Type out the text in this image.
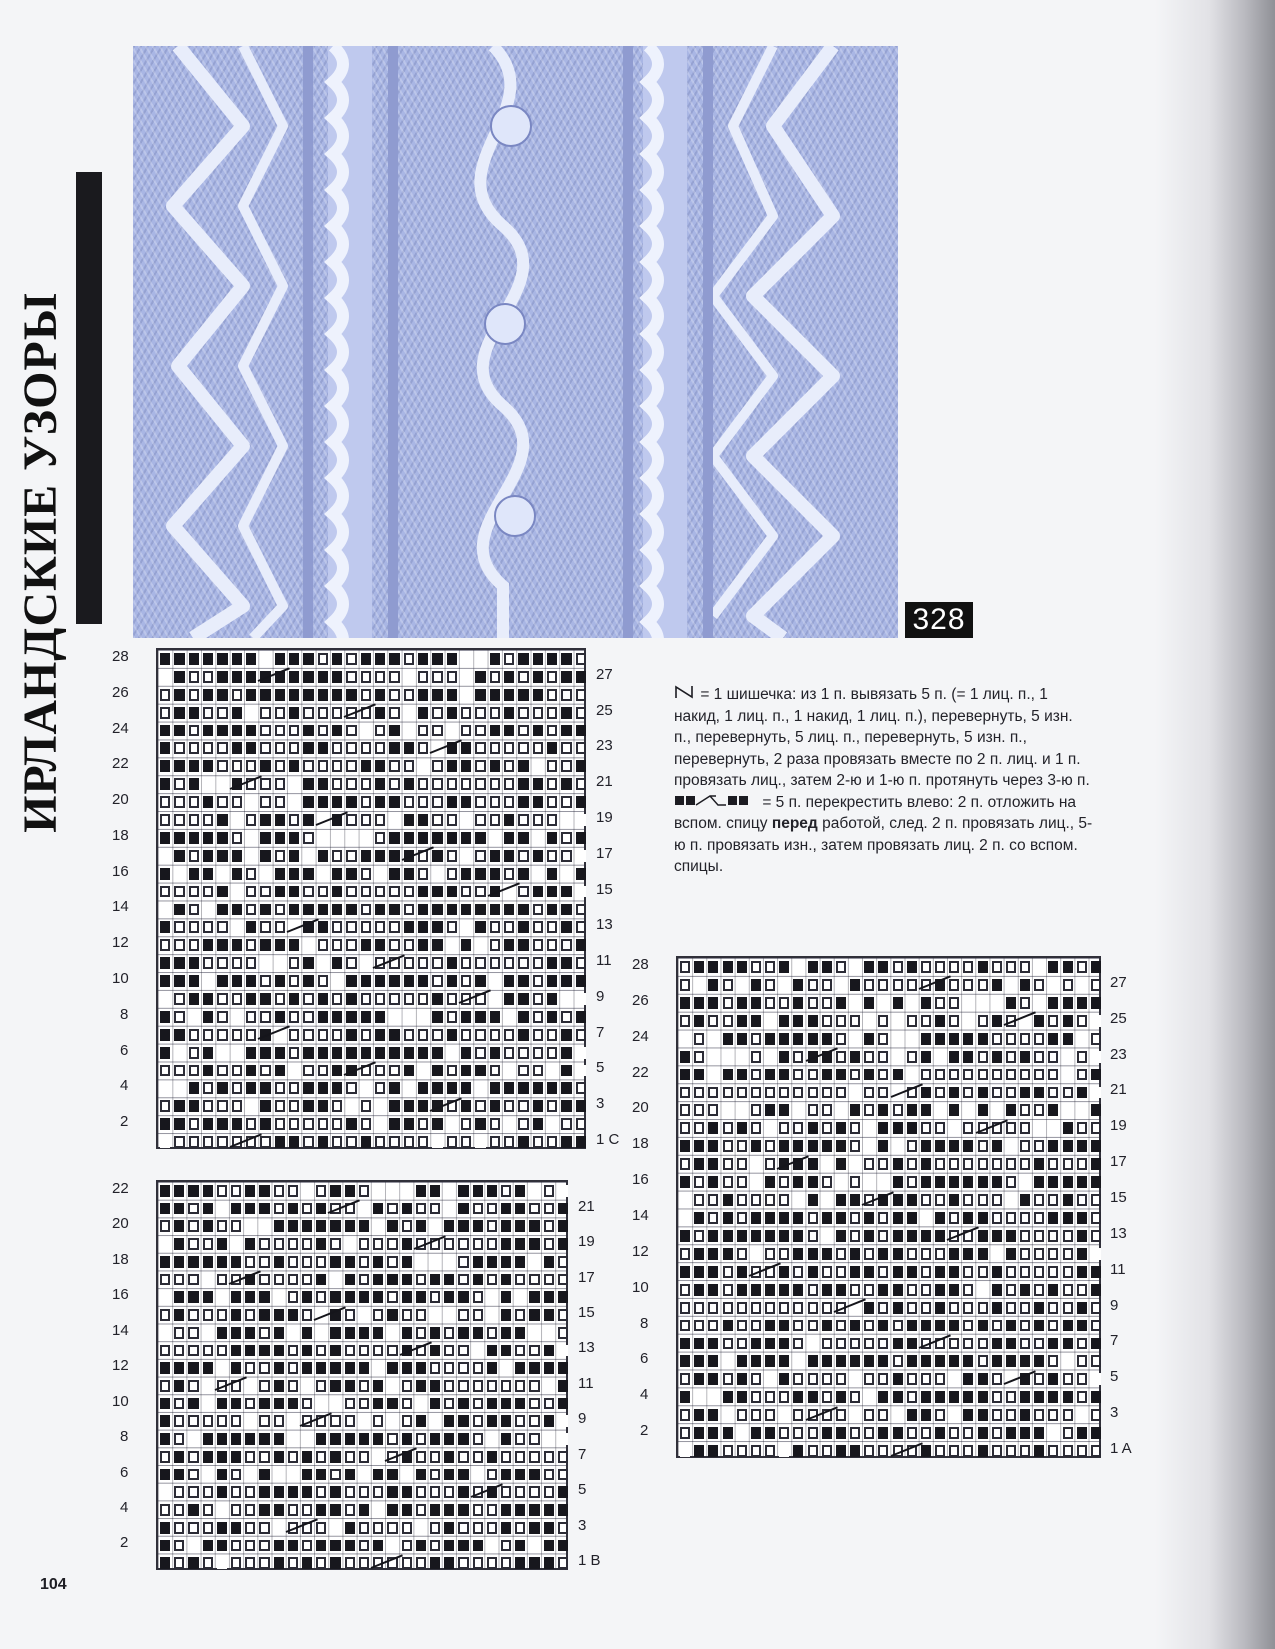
ИРЛАНДСКИЕ УЗОРЫ	328

= 1 шишечка: из 1 п. вывязать 5 п. (= 1 лиц. п., 1 накид, 1 лиц. п., 1 накид, 1 лиц. п.), перевернуть, 5 изн. п., перевернуть, 5 лиц. п., перевернуть, 5 изн. п., перевернуть, 2 раза провязать вместе по 2 п. лиц. и 1 п. провязать лиц., затем 2-ю и 1-ю п. протянуть через 3-ю п.

= 5 п. перекрестить влево: 2 п. отложить на вспом. спицу перед работой, след. 2 п. провязать лиц., 5-ю п. провязать изн., затем провязать лиц. 2 п. со вспом. спицы.

2
4
6
8
10
12
14
16
18
20
22
24
26
28
1 C
3
5
7
9
11
13
15
17
19
21
23
25
27
2
4
6
8
10
12
14
16
18
20
22
1 B
3
5
7
9
11
13
15
17
19
21
2
4
6
8
10
12
14
16
18
20
22
24
26
28
1 A
3
5
7
9
11
13
15
17
19
21
23
25
27
104
